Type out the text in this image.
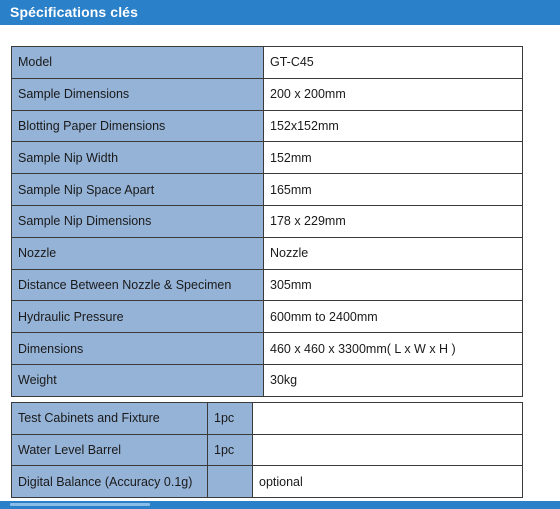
Spécifications clés
Model	GT-C45
Sample Dimensions	200 x 200mm
Blotting Paper Dimensions	152x152mm
Sample Nip Width	152mm
Sample Nip Space Apart	165mm
Sample Nip Dimensions	178 x 229mm
Nozzle	Nozzle
Distance Between Nozzle & Specimen	305mm
Hydraulic Pressure	600mm to 2400mm
Dimensions	460 x 460 x 3300mm( L x W x H )
Weight	30kg
Test Cabinets and Fixture	1pc	
Water Level Barrel	1pc	
Digital Balance (Accuracy 0.1g)		optional
